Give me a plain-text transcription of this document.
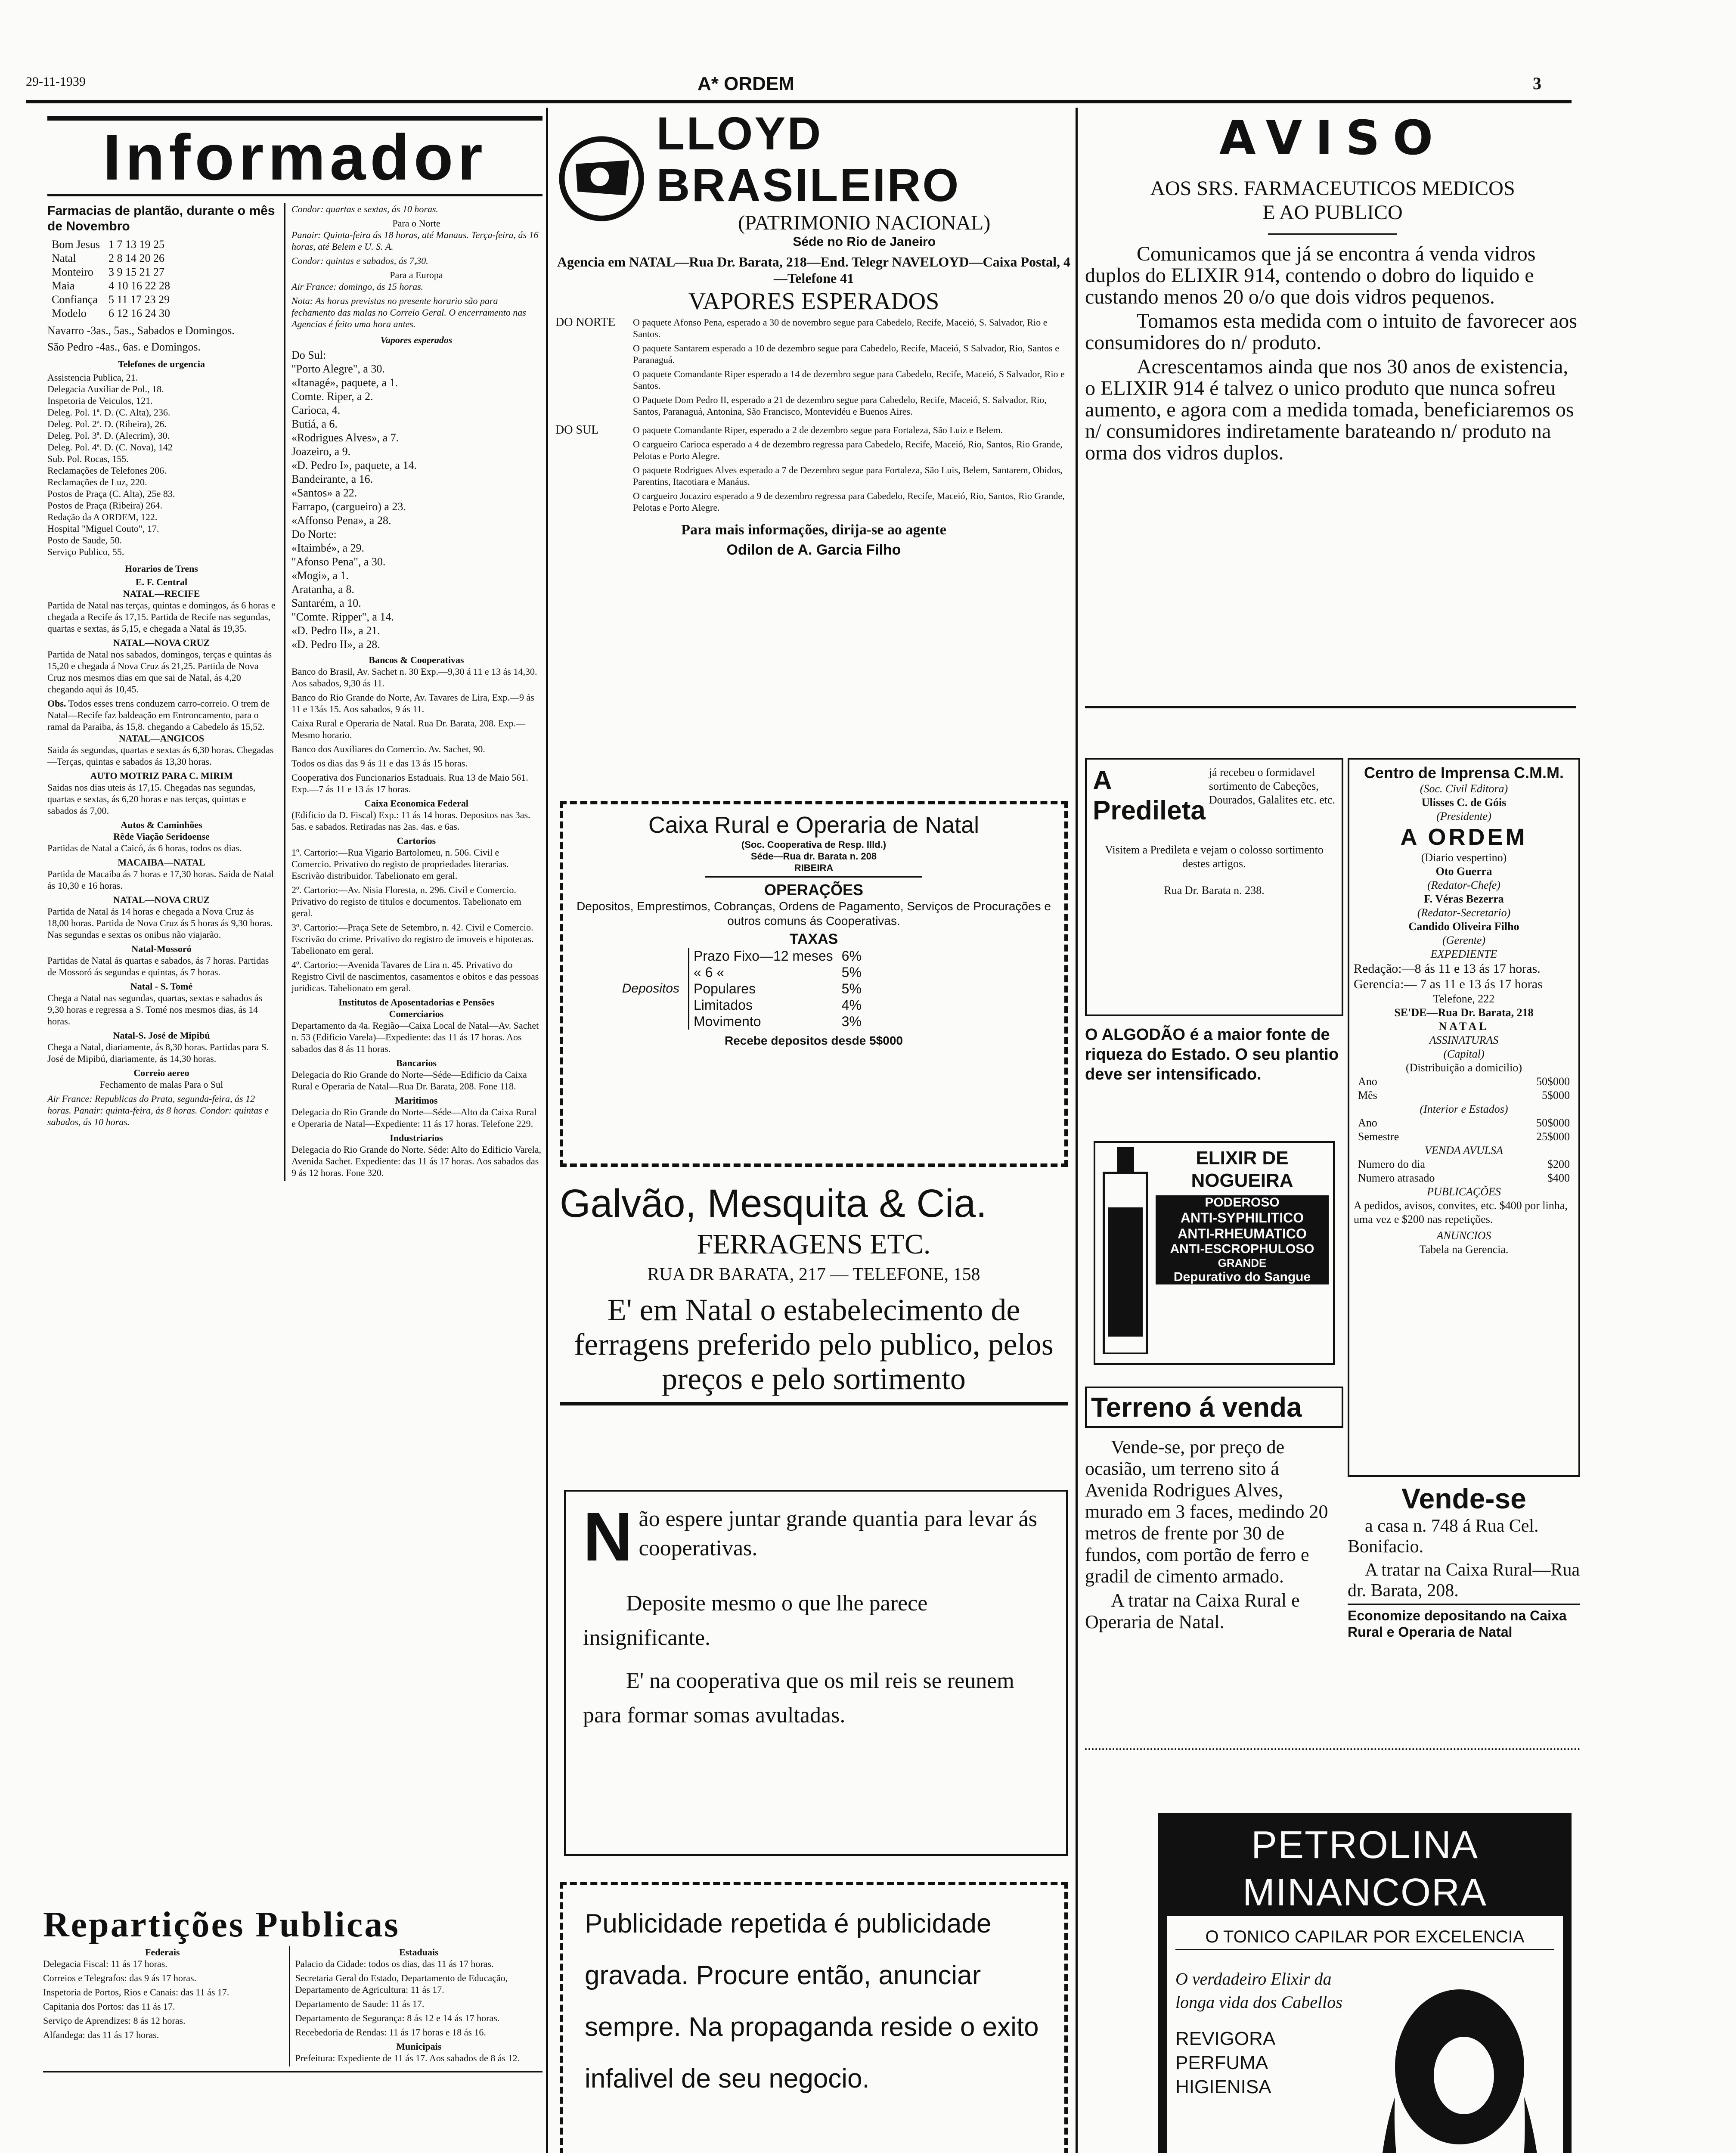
29-11-1939	A* ORDEM	3
Informador
Farmacias de plantão, durante o mês de Novembro
Bom Jesus	1 7 13 19 25
Natal	2 8 14 20 26
Monteiro	3 9 15 21 27
Maia	4 10 16 22 28
Confiança	5 11 17 23 29
Modelo	6 12 16 24 30

Navarro -3as., 5as., Sabados e Domingos.

São Pedro -4as., 6as. e Domingos.

Telefones de urgencia
Assistencia Publica, 21.
Delegacia Auxiliar de Pol., 18.
Inspetoria de Veiculos, 121.
Deleg. Pol. 1ª. D. (C. Alta), 236.
Deleg. Pol. 2ª. D. (Ribeira), 26.
Deleg. Pol. 3ª. D. (Alecrim), 30.
Deleg. Pol. 4ª. D. (C. Nova), 142
Sub. Pol. Rocas, 155.
Reclamações de Telefones 206.
Reclamações de Luz, 220.
Postos de Praça (C. Alta), 25e 83.
Postos de Praça (Ribeira) 264.
Redação da A ORDEM, 122.
Hospital "Miguel Couto", 17.
Posto de Saude, 50.
Serviço Publico, 55.
Horarios de Trens
E. F. Central
NATAL—RECIFE

Partida de Natal nas terças, quintas e domingos, ás 6 horas e chegada a Recife ás 17,15. Partida de Recife nas segundas, quartas e sextas, ás 5,15, e chegada a Natal ás 19,35.

NATAL—NOVA CRUZ

Partida de Natal nos sabados, domingos, terças e quintas ás 15,20 e chegada á Nova Cruz ás 21,25. Partida de Nova Cruz nos mesmos dias em que sai de Natal, ás 4,20 chegando aqui ás 10,45.

Obs. Todos esses trens conduzem carro-correio. O trem de Natal—Recife faz baldeação em Entroncamento, para o ramal da Paraiba, ás 15,8. chegando a Cabedelo ás 15,52.
NATAL—ANGICOS

Saida ás segundas, quartas e sextas ás 6,30 horas. Chegadas—Terças, quintas e sabados ás 13,30 horas.

AUTO MOTRIZ PARA C. MIRIM

Saidas nos dias uteis ás 17,15. Chegadas nas segundas, quartas e sextas, ás 6,20 horas e nas terças, quintas e sabados ás 7,00.

Autos & Caminhões
Rêde Viação Seridoense

Partidas de Natal a Caicó, ás 6 horas, todos os dias.

MACAIBA—NATAL

Partida de Macaiba ás 7 horas e 17,30 horas. Saida de Natal ás 10,30 e 16 horas.

NATAL—NOVA CRUZ

Partida de Natal ás 14 horas e chegada a Nova Cruz ás 18,00 horas. Partida de Nova Cruz ás 5 horas ás 9,30 horas. Nas segundas e sextas os onibus não viajarão.

Natal-Mossoró

Partidas de Natal ás quartas e sabados, ás 7 horas. Partidas de Mossoró ás segundas e quintas, ás 7 horas.

Natal - S. Tomé

Chega a Natal nas segundas, quartas, sextas e sabados ás 9,30 horas e regressa a S. Tomé nos mesmos dias, ás 14 horas.

Natal-S. José de Mipibú

Chega a Natal, diariamente, ás 8,30 horas. Partidas para S. José de Mipibú, diariamente, ás 14,30 horas.

Correio aereo

Fechamento de malas Para o Sul

Air France: Republicas do Prata, segunda-feira, ás 12 horas. Panair: quinta-feira, ás 8 horas. Condor: quintas e sabados, ás 10 horas.

Condor: quartas e sextas, ás 10 horas.

Para o Norte

Panair: Quinta-feira ás 18 horas, até Manaus. Terça-feira, ás 16 horas, até Belem e U. S. A.

Condor: quintas e sabados, ás 7,30.

Para a Europa

Air France: domingo, ás 15 horas.

Nota: As horas previstas no presente horario são para fechamento das malas no Correio Geral. O encerramento nas Agencias é feito uma hora antes.

Vapores esperados
Do Sul:
"Porto Alegre", a 30.
«Itanagé», paquete, a 1.
Comte. Riper, a 2.
Carioca, 4.
Butiá, a 6.
«Rodrigues Alves», a 7.
Joazeiro, a 9.
«D. Pedro I», paquete, a 14.
Bandeirante, a 16.
«Santos» a 22.
Farrapo, (cargueiro) a 23.
«Affonso Pena», a 28.
Do Norte:
«Itaimbé», a 29.
"Afonso Pena", a 30.
«Mogi», a 1.
Aratanha, a 8.
Santarém, a 10.
"Comte. Ripper", a 14.
«D. Pedro II», a 21.
«D. Pedro II», a 28.
Bancos & Cooperativas

Banco do Brasil, Av. Sachet n. 30 Exp.—9,30 á 11 e 13 ás 14,30. Aos sabados, 9,30 ás 11.

Banco do Rio Grande do Norte, Av. Tavares de Lira, Exp.—9 ás 11 e 13ás 15. Aos sabados, 9 ás 11.

Caixa Rural e Operaria de Natal. Rua Dr. Barata, 208. Exp.—Mesmo horario.

Banco dos Auxiliares do Comercio. Av. Sachet, 90.

Todos os dias das 9 ás 11 e das 13 ás 15 horas.

Cooperativa dos Funcionarios Estaduais. Rua 13 de Maio 561. Exp.—7 ás 11 e 13 ás 17 horas.

Caixa Economica Federal

(Edificio da D. Fiscal) Exp.: 11 ás 14 horas. Depositos nas 3as. 5as. e sabados. Retiradas nas 2as. 4as. e 6as.

Cartorios

1º. Cartorio:—Rua Vigario Bartolomeu, n. 506. Civil e Comercio. Privativo do registo de propriedades literarias. Escrivão distribuidor. Tabelionato em geral.

2º. Cartorio:—Av. Nisia Floresta, n. 296. Civil e Comercio. Privativo do registo de titulos e documentos. Tabelionato em geral.

3º. Cartorio:—Praça Sete de Setembro, n. 42. Civil e Comercio. Escrivão do crime. Privativo do registro de imoveis e hipotecas. Tabelionato em geral.

4º. Cartorio:—Avenida Tavares de Lira n. 45. Privativo do Registro Civil de nascimentos, casamentos e obitos e das pessoas juridicas. Tabelionato em geral.

Institutos de Aposentadorias e Pensões
Comerciarios

Departamento da 4a. Região—Caixa Local de Natal—Av. Sachet n. 53 (Edificio Varela)—Expediente: das 11 ás 17 horas. Aos sabados das 8 ás 11 horas.

Bancarios

Delegacia do Rio Grande do Norte—Séde—Edificio da Caixa Rural e Operaria de Natal—Rua Dr. Barata, 208. Fone 118.

Maritimos

Delegacia do Rio Grande do Norte—Séde—Alto da Caixa Rural e Operaria de Natal—Expediente: 11 ás 17 horas. Telefone 229.

Industriarios

Delegacia do Rio Grande do Norte. Séde: Alto do Edificio Varela, Avenida Sachet. Expediente: das 11 ás 17 horas. Aos sabados das 9 ás 12 horas. Fone 320.

Repartições Publicas
Federais

Delegacia Fiscal: 11 ás 17 horas.

Correios e Telegrafos: das 9 ás 17 horas.

Inspetoria de Portos, Rios e Canais: das 11 ás 17.

Capitania dos Portos: das 11 ás 17.

Serviço de Aprendizes: 8 ás 12 horas.

Alfandega: das 11 ás 17 horas.

Estaduais

Palacio da Cidade: todos os dias, das 11 ás 17 horas.

Secretaria Geral do Estado, Departamento de Educação, Departamento de Agricultura: 11 ás 17.

Departamento de Saude: 11 ás 17.

Departamento de Segurança: 8 ás 12 e 14 ás 17 horas.

Recebedoria de Rendas: 11 ás 17 horas e 18 ás 16.

Municipais

Prefeitura: Expediente de 11 ás 17. Aos sabados de 8 ás 12.

LLOYD BRASILEIRO
(PATRIMONIO NACIONAL)
Séde no Rio de Janeiro
Agencia em NATAL—Rua Dr. Barata, 218—End. Telegr NAVELOYD—Caixa Postal, 4—Telefone 41
VAPORES ESPERADOS
DO NORTE	O paquete Afonso Pena, esperado a 30 de novembro segue para Cabedelo, Recife, Maceió, S. Salvador, Rio e Santos.

O paquete Santarem esperado a 10 de dezembro segue para Cabedelo, Recife, Maceió, S Salvador, Rio, Santos e Paranaguá.

O paquete Comandante Riper esperado a 14 de dezembro segue para Cabedelo, Recife, Maceió, S Salvador, Rio e Santos.

O Paquete Dom Pedro II, esperado a 21 de dezembro segue para Cabedelo, Recife, Maceió, S. Salvador, Rio, Santos, Paranaguá, Antonina, São Francisco, Montevidéu e Buenos Aires.

DO SUL	O paquete Comandante Riper, esperado a 2 de dezembro segue para Fortaleza, São Luiz e Belem.

O cargueiro Carioca esperado a 4 de dezembro regressa para Cabedelo, Recife, Maceió, Rio, Santos, Rio Grande, Pelotas e Porto Alegre.

O paquete Rodrigues Alves esperado a 7 de Dezembro segue para Fortaleza, São Luis, Belem, Santarem, Obidos, Parentins, Itacotiara e Manáus.

O cargueiro Jocaziro esperado a 9 de dezembro regressa para Cabedelo, Recife, Maceió, Rio, Santos, Rio Grande, Pelotas e Porto Alegre.

Para mais informações, dirija-se ao agente
Odilon de A. Garcia Filho
Caixa Rural e Operaria de Natal
(Soc. Cooperativa de Resp. Illd.)
Séde—Rua dr. Barata n. 208
RIBEIRA
OPERAÇÕES

Depositos, Emprestimos, Cobranças, Ordens de Pagamento, Serviços de Procurações e outros comuns ás Cooperativas.

TAXAS
Depositos
Prazo Fixo—12 meses	6%
« 6 «	5%
Populares	5%
Limitados	4%
Movimento	3%
Recebe depositos desde 5$000
Galvão, Mesquita & Cia.
FERRAGENS ETC.
RUA DR BARATA, 217 — TELEFONE, 158
E' em Natal o estabelecimento de ferragens preferido pelo publico, pelos preços e pelo sortimento
N ão espere juntar grande quantia para levar ás cooperativas.

Deposite mesmo o que lhe parece insignificante.

E' na cooperativa que os mil reis se reunem para formar somas avultadas.

Publicidade repetida é publicidade gravada. Procure então, anunciar sempre. Na propaganda reside o exito infalivel de seu negocio.

AVISO
AOS SRS. FARMACEUTICOS MEDICOS
E AO PUBLICO

Comunicamos que já se encontra á venda vidros duplos do ELIXIR 914, contendo o dobro do liquido e custando menos 20 o/o que dois vidros pequenos.

Tomamos esta medida com o intuito de favorecer aos consumidores do n/ produto.

Acrescentamos ainda que nos 30 anos de existencia, o ELIXIR 914 é talvez o unico produto que nunca sofreu aumento, e agora com a medida tomada, beneficiaremos os n/ consumidores indiretamente barateando n/ produto na orma dos vidros duplos.

A Predileta
já recebeu o formidavel sortimento de Cabeções, Dourados, Galalites etc. etc.

Visitem a Predileta e vejam o colosso sortimento destes artigos.

Rua Dr. Barata n. 238.

O ALGODÃO é a maior fonte de riqueza do Estado. O seu plantio deve ser intensificado.

ELIXIR DE NOGUEIRA
PODEROSO
ANTI-SYPHILITICO
ANTI-RHEUMATICO
ANTI-ESCROPHULOSO
GRANDE
Depurativo do Sangue
Terreno á venda

Vende-se, por preço de ocasião, um terreno sito á Avenida Rodrigues Alves, murado em 3 faces, medindo 20 metros de frente por 30 de fundos, com portão de ferro e gradil de cimento armado.

A tratar na Caixa Rural e Operaria de Natal.

Centro de Imprensa C.M.M.
(Soc. Civil Editora)
Ulisses C. de Góis
(Presidente)
A ORDEM
(Diario vespertino)
Oto Guerra
(Redator-Chefe)
F. Véras Bezerra
(Redator-Secretario)
Candido Oliveira Filho
(Gerente)
EXPEDIENTE
Redação:—8 ás 11 e 13 ás 17 horas.
Gerencia:— 7 as 11 e 13 ás 17 horas
Telefone, 222
SE'DE—Rua Dr. Barata, 218
NATAL
ASSINATURAS
(Capital)
(Distribuição a domicilio)
Ano	50$000
Mês	5$000
(Interior e Estados)
Ano	50$000
Semestre	25$000
VENDA AVULSA
Numero do dia	$200
Numero atrasado	$400
PUBLICAÇÕES

A pedidos, avisos, convites, etc. $400 por linha, uma vez e $200 nas repetições.

ANUNCIOS
Tabela na Gerencia.
Vende-se

a casa n. 748 á Rua Cel. Bonifacio.

A tratar na Caixa Rural—Rua dr. Barata, 208.

Economize depositando na Caixa Rural e Operaria de Natal

PETROLINA MINANCORA
O TONICO CAPILAR POR EXCELENCIA
O verdadeiro Elixir da longa vida dos Cabellos
REVIGORA
PERFUMA
HIGIENISA
